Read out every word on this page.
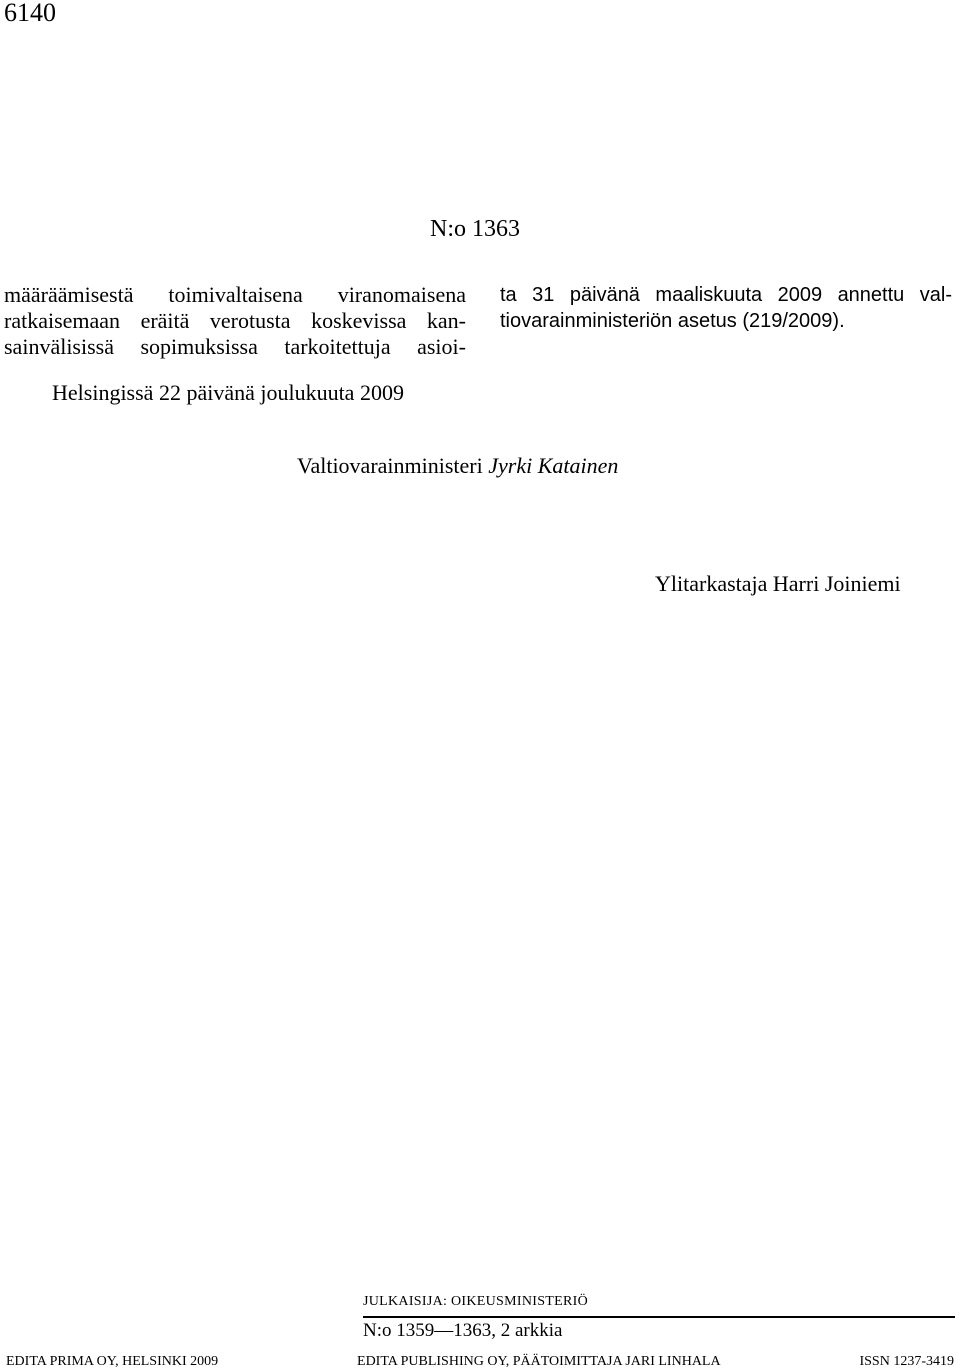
6140
N:o 1363
määräämisestä toimivaltaisena viranomaisena
ratkaisemaan eräitä verotusta koskevissa kan-
sainvälisissä sopimuksissa tarkoitettuja asioi-
ta 31 päivänä maaliskuuta 2009 annettu val-
tiovarainministeriön asetus (219/2009).
Helsingissä 22 päivänä joulukuuta 2009
Valtiovarainministeri Jyrki Katainen
Ylitarkastaja Harri Joiniemi
JULKAISIJA: OIKEUSMINISTERIÖ
N:o 1359—1363, 2 arkkia
EDITA PRIMA OY, HELSINKI 2009	EDITA PUBLISHING OY, PÄÄTOIMITTAJA JARI LINHALA	ISSN 1237-3419
